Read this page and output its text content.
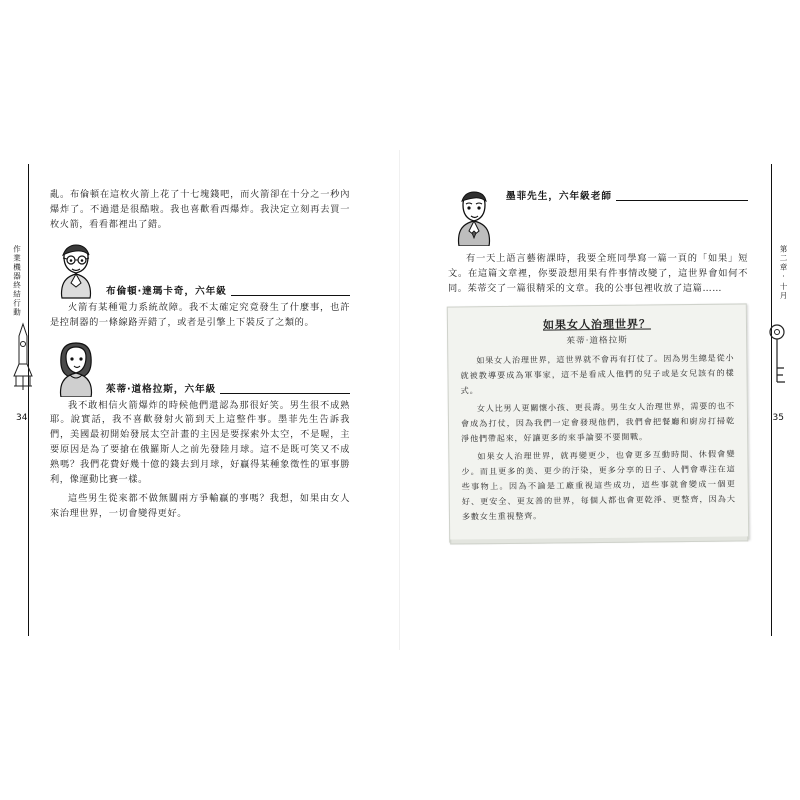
作業機器終結行動
34

亂。布倫頓在這枚火箭上花了十七塊錢吧，而火箭卻在十分之一秒內爆炸了。不過還是很酷啦。我也喜歡看西爆炸。我決定立刻再去買一枚火箭，看看都裡出了錯。

布倫頓‧達瑪卡奇，六年級

火箭有某種電力系統故障。我不太確定究竟發生了什麼事，也許是控制器的一條線路弄錯了，或者是引擎上下裝反了之類的。

茱蒂‧道格拉斯，六年級

我不敢相信火箭爆炸的時候他們還認為那很好笑。男生很不成熟耶。說實話，我不喜歡發射火箭到天上這整件事。墨菲先生告訴我們，美國最初開始發展太空計畫的主因是要探索外太空，不是喔，主要原因是為了要搶在俄羅斯人之前先發陸月球。這不是既可笑又不成熟嗎？我們花費好幾十億的錢去到月球，好贏得某種象徵性的軍事勝利，像運動比賽一樣。

這些男生從來都不做無關兩方爭輸贏的事嗎？我想，如果由女人來治理世界，一切會變得更好。

第二章‧十月
35
墨菲先生，六年級老師

有一天上語言藝術課時，我要全班同學寫一篇一頁的「如果」短文。在這篇文章裡，你要設想用果有件事情改變了，這世界會如何不同。茱蒂交了一篇很精采的文章。我的公事包裡收放了這篇……

如果女人治理世界？
茱蒂‧道格拉斯

如果女人治理世界，這世界就不會再有打仗了。因為男生總是從小就被教導要成為軍事家，這不是看成人他們的兒子或是女兒該有的樣式。

女人比男人更關懷小孩、更長壽。男生女人治理世界，需要的也不會成為打仗，因為我們一定會發現他們，我們會把餐廳和廚房打掃乾淨他們帶起來，好讓更多的來爭論要不要開戰。

如果女人治理世界，就再變更少，也會更多互動時間、休假會變少。而且更多的美、更少的汙染，更多分享的日子、人們會專注在這些事物上。因為不論是工廠重視這些成功，這些事就會變成一個更好、更安全、更友善的世界，每個人都也會更乾淨、更整齊，因為大多數女生重視整齊。
